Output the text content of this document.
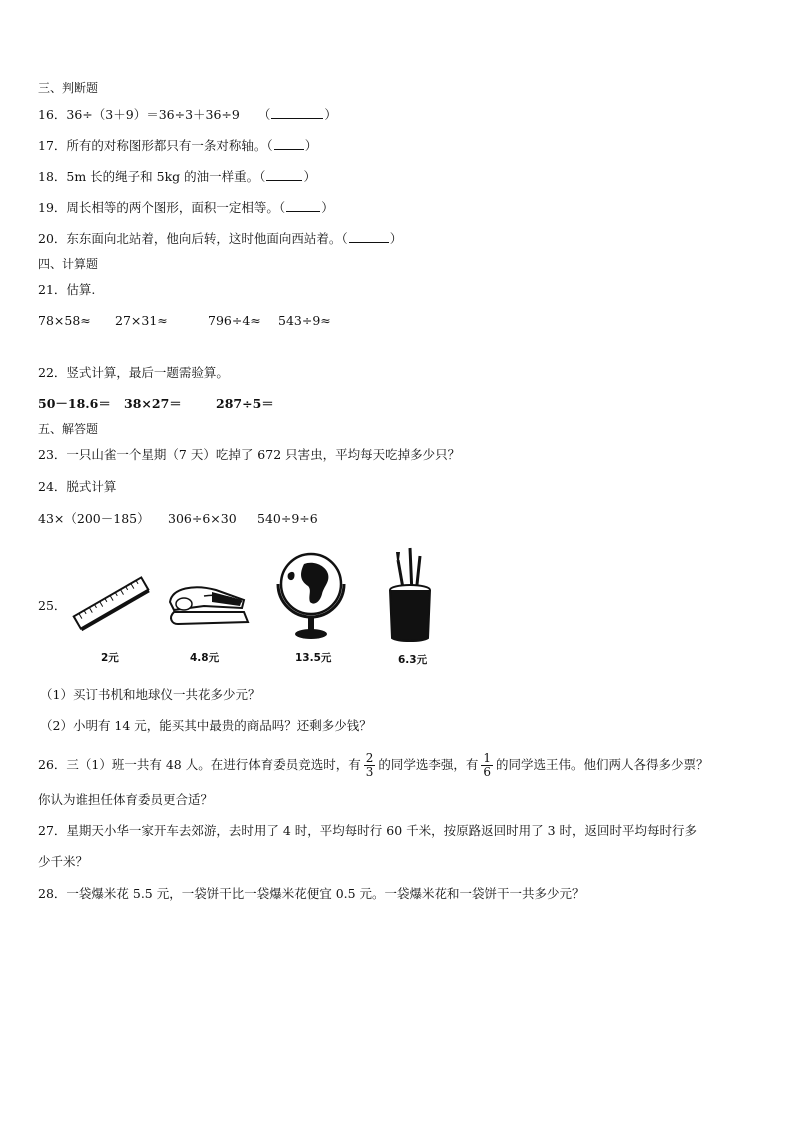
三、判断题
16．36÷（3＋9）＝36÷3＋36÷9 （	）
17．所有的对称图形都只有一条对称轴。（	）
18．5m 长的绳子和 5kg 的油一样重。（	）
19．周长相等的两个图形，面积一定相等。（	）
20．东东面向北站着，他向后转，这时他面向西站着。（	）
四、计算题
21．估算.
78×58≈ 27×31≈	796÷4≈ 543÷9≈
22．竖式计算，最后一题需验算。
50－18.6＝ 38×27＝	287÷5＝
五、解答题
23．一只山雀一个星期（7 天）吃掉了 672 只害虫，平均每天吃掉多少只？
24．脱式计算
43×（200－185） 306÷6×30 540÷9÷6
25．
2元	4.8元	13.5元	6.3元
（1）买订书机和地球仪一共花多少元？
（2）小明有 14 元，能买其中最贵的商品吗？还剩多少钱？
26．三（1）班一共有 48 人。在进行体育委员竞选时，有 $\frac{2}{3}$ 的同学选李强，有 $\frac{1}{6}$ 的同学选王伟。他们两人各得多少票？
你认为谁担任体育委员更合适？
27．星期天小华一家开车去郊游，去时用了 4 时，平均每时行 60 千米，按原路返回时用了 3 时，返回时平均每时行多
少千米？
28．一袋爆米花 5.5 元，一袋饼干比一袋爆米花便宜 0.5 元。一袋爆米花和一袋饼干一共多少元？
